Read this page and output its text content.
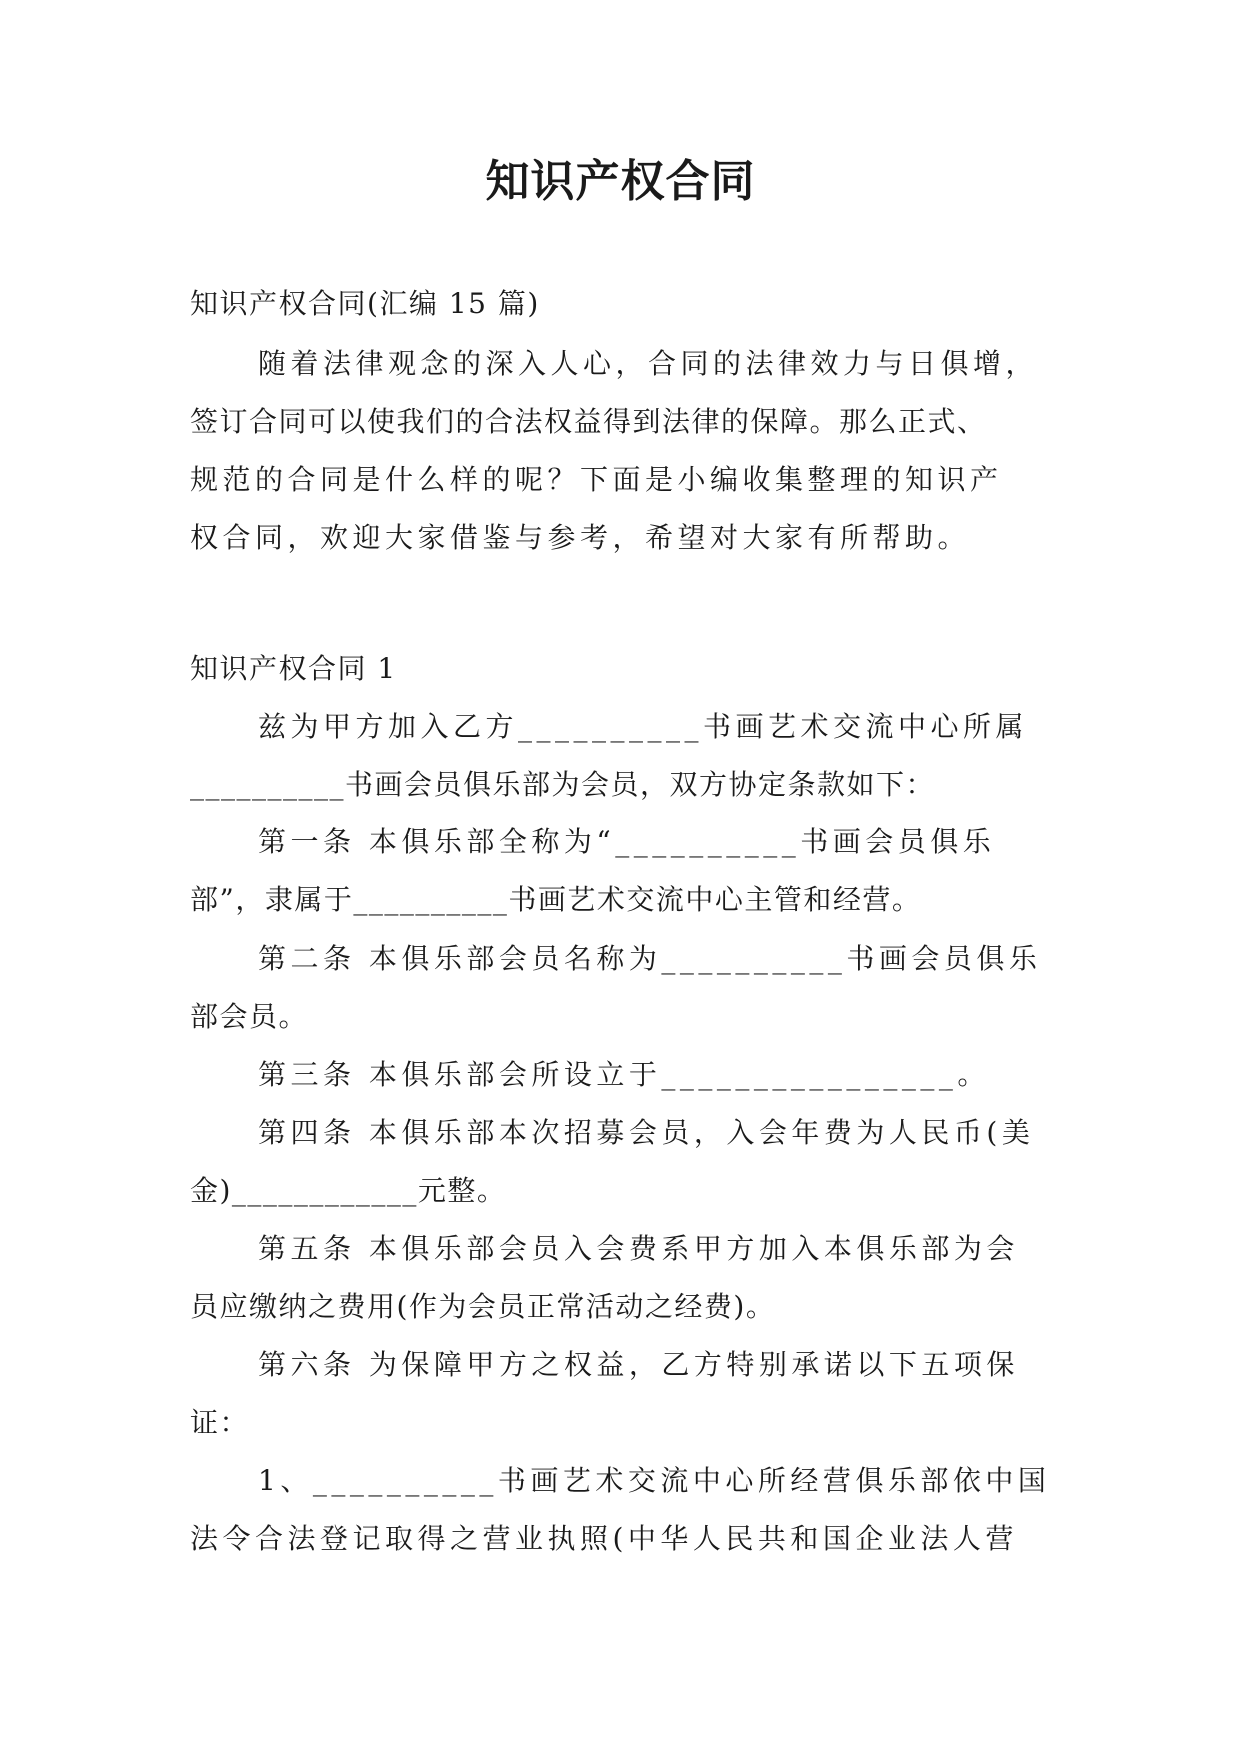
知识产权合同
知识产权合同(汇编 15 篇)
随着法律观念的深入人心，合同的法律效力与日俱增，
签订合同可以使我们的合法权益得到法律的保障。那么正式、
规范的合同是什么样的呢？下面是小编收集整理的知识产
权合同，欢迎大家借鉴与参考，希望对大家有所帮助。
知识产权合同 1
兹为甲方加入乙方__________书画艺术交流中心所属
__________书画会员俱乐部为会员，双方协定条款如下：
第一条 本俱乐部全称为“__________书画会员俱乐
部”，隶属于__________书画艺术交流中心主管和经营。
第二条 本俱乐部会员名称为__________书画会员俱乐
部会员。
第三条 本俱乐部会所设立于________________。
第四条 本俱乐部本次招募会员，入会年费为人民币(美
金)____________元整。
第五条 本俱乐部会员入会费系甲方加入本俱乐部为会
员应缴纳之费用(作为会员正常活动之经费)。
第六条 为保障甲方之权益，乙方特别承诺以下五项保
证：
1、__________书画艺术交流中心所经营俱乐部依中国
法令合法登记取得之营业执照(中华人民共和国企业法人营
